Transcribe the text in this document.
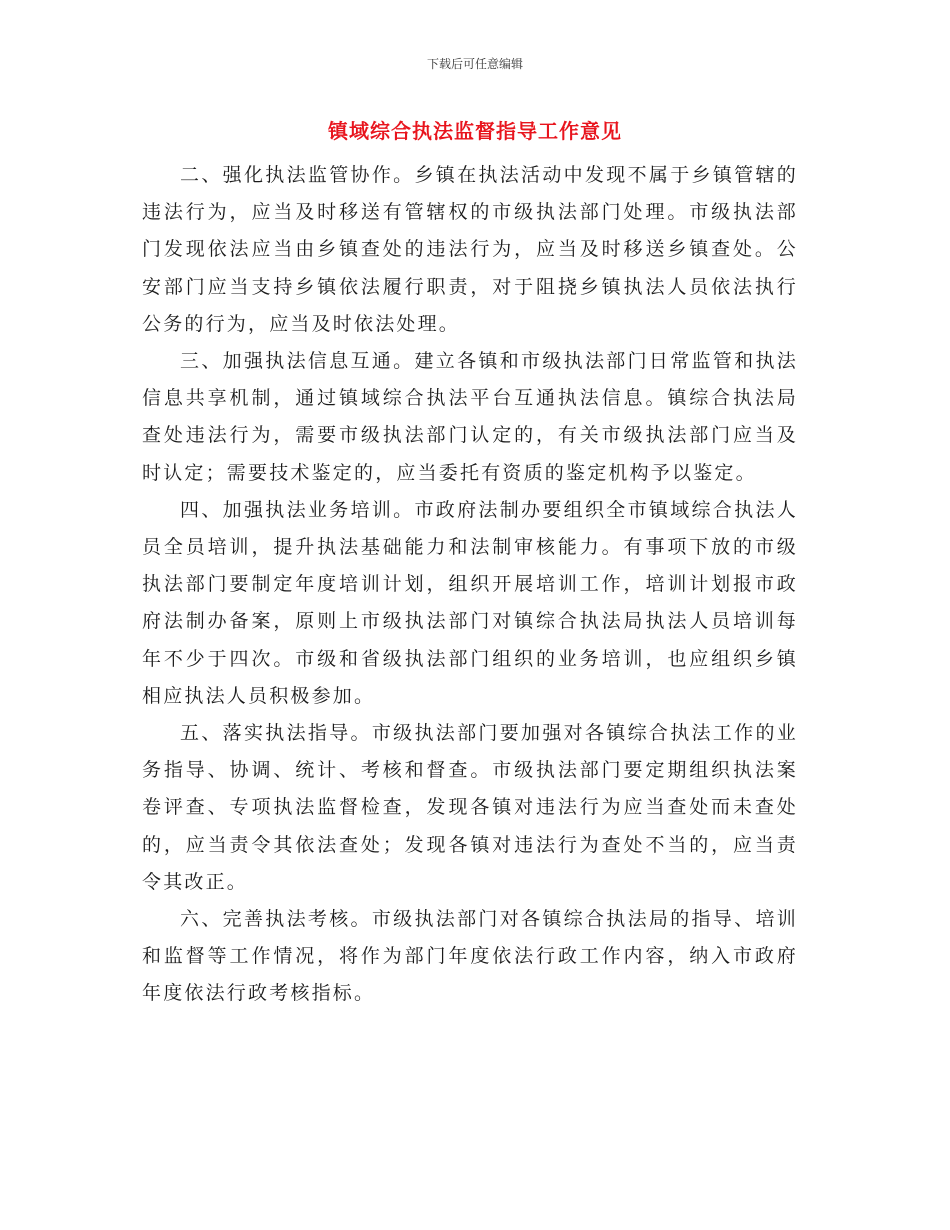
下载后可任意编辑
镇域综合执法监督指导工作意见

二、强化执法监管协作。乡镇在执法活动中发现不属于乡镇管辖的违法行为，应当及时移送有管辖权的市级执法部门处理。市级执法部门发现依法应当由乡镇查处的违法行为，应当及时移送乡镇查处。公安部门应当支持乡镇依法履行职责，对于阻挠乡镇执法人员依法执行公务的行为，应当及时依法处理。

三、加强执法信息互通。建立各镇和市级执法部门日常监管和执法信息共享机制，通过镇域综合执法平台互通执法信息。镇综合执法局查处违法行为，需要市级执法部门认定的，有关市级执法部门应当及时认定；需要技术鉴定的，应当委托有资质的鉴定机构予以鉴定。

四、加强执法业务培训。市政府法制办要组织全市镇域综合执法人员全员培训，提升执法基础能力和法制审核能力。有事项下放的市级执法部门要制定年度培训计划，组织开展培训工作，培训计划报市政府法制办备案，原则上市级执法部门对镇综合执法局执法人员培训每年不少于四次。市级和省级执法部门组织的业务培训，也应组织乡镇相应执法人员积极参加。

五、落实执法指导。市级执法部门要加强对各镇综合执法工作的业务指导、协调、统计、考核和督查。市级执法部门要定期组织执法案卷评查、专项执法监督检查，发现各镇对违法行为应当查处而未查处的，应当责令其依法查处；发现各镇对违法行为查处不当的，应当责令其改正。

六、完善执法考核。市级执法部门对各镇综合执法局的指导、培训和监督等工作情况，将作为部门年度依法行政工作内容，纳入市政府年度依法行政考核指标。
